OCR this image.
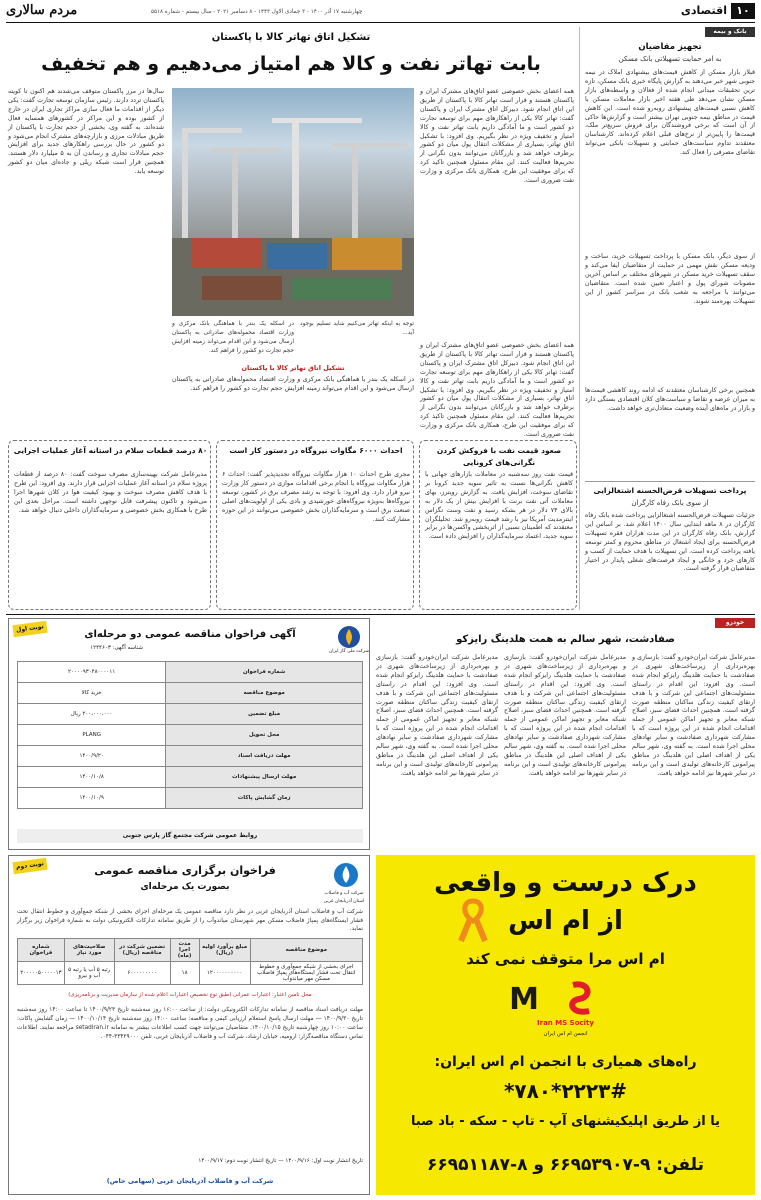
۱۰
اقتصادی
چهارشنبه ۱۷ آذر ۱۴۰۰ - ۳ جمادی الاول ۱۴۴۳ - ۸ دسامبر ۲۰۲۱ - سال بیستم - شماره ۵۵۱۸
مردم سالاری
بانک و بیمه
تجهیز مقاضیان
به امر حمایت تسهیلاتی بانک مسکن
قبلاز بازار مسکن از کاهش قیمت‌های بیشنهادی املاک در نیمه جنوبی شهر خبر می‌دهند به گزارش پایگاه خبری بانک مسکن، تازه ترین تحقیقات میدانی انجام شده از فعالان و واسطه‌های بازار مسکن نشان می‌دهد طی هفته اخیر بازار معاملات مسکن با کاهش نسبی قیمت‌های پیشنهادی روبه‌رو شده است. این کاهش قیمت در مناطق نیمه جنوبی تهران بیشتر است و گزارش‌ها حاکی از آن است که برخی فروشندگان برای فروش سریع‌تر ملک، قیمت‌ها را پایین‌تر از نرخ‌های قبلی اعلام کرده‌اند. کارشناسان معتقدند تداوم سیاست‌های حمایتی و تسهیلات بانکی می‌تواند تقاضای مصرفی را فعال کند.
از سوی دیگر، بانک مسکن با پرداخت تسهیلات خرید، ساخت و ودیعه مسکن نقش مهمی در حمایت از متقاضیان ایفا می‌کند و سقف تسهیلات خرید مسکن در شهرهای مختلف بر اساس آخرین مصوبات شورای پول و اعتبار تعیین شده است. متقاضیان می‌توانند با مراجعه به شعب بانک در سراسر کشور از این تسهیلات بهره‌مند شوند.
همچنین برخی کارشناسان معتقدند که ادامه روند کاهشی قیمت‌ها به میزان عرضه و تقاضا و سیاست‌های کلان اقتصادی بستگی دارد و بازار در ماه‌های آینده وضعیت متعادل‌تری خواهد داشت.
پرداخت تسهیلات قرض‌الحسنه اشتغالزایی
از سوی بانک رفاه کارگران
جزئیات تسهیلات قرض‌الحسنه اشتغالزایی پرداخت شده بانک رفاه کارگران در ۸ ماهه ابتدایی سال ۱۴۰۰ اعلام شد. بر اساس این گزارش، بانک رفاه کارگران در این مدت هزاران فقره تسهیلات قرض‌الحسنه برای ایجاد اشتغال در مناطق محروم و کمتر توسعه یافته پرداخت کرده است. این تسهیلات با هدف حمایت از کسب و کارهای خرد و خانگی و ایجاد فرصت‌های شغلی پایدار در اختیار متقاضیان قرار گرفته است.
تشکیل اتاق تهاتر کالا با پاکستان
بابت تهاتر نفت و کالا هم امتیاز می‌دهیم و هم تخفیف
همه اعضای بخش خصوصی عضو اتاق‌های مشترک ایران و پاکستان هستند و قرار است تهاتر کالا با پاکستان از طریق این اتاق انجام شود. دبیرکل اتاق مشترک ایران و پاکستان گفت: تهاتر کالا یکی از راهکارهای مهم برای توسعه تجارت دو کشور است و ما آمادگی داریم بابت تهاتر نفت و کالا امتیاز و تخفیف ویژه در نظر بگیریم. وی افزود: با تشکیل اتاق تهاتر، بسیاری از مشکلات انتقال پول میان دو کشور برطرف خواهد شد و بازرگانان می‌توانند بدون نگرانی از تحریم‌ها فعالیت کنند. این مقام مسئول همچنین تاکید کرد که برای موفقیت این طرح، همکاری بانک مرکزی و وزارت نفت ضروری است.
سال‌ها در مرز پاکستان متوقف می‌شدند هم اکنون تا کویته پاکستان تردد دارند. رئیس سازمان توسعه تجارت گفت: یکی دیگر از اقدامات ما فعال سازی مراکز تجاری ایران در خارج از کشور بوده و این مراکز در کشورهای همسایه فعال شده‌اند. به گفته وی، بخشی از حجم تجارت با پاکستان از طریق مبادلات مرزی و بازارچه‌های مشترک انجام می‌شود و دو کشور در حال بررسی راهکارهای جدید برای افزایش حجم مبادلات تجاری و رساندن آن به ۵ میلیارد دلار هستند. همچنین قرار است شبکه ریلی و جاده‌ای میان دو کشور توسعه یابد.
توجه به اینکه تهاتر می‌کنیم شاید تسلیم بوجود آید...
در اسکله یک بندر با هماهنگی بانک مرکزی و وزارت اقتصاد محموله‌های صادراتی به پاکستان ارسال می‌شود و این اقدام می‌تواند زمینه افزایش حجم تجارت دو کشور را فراهم کند.
تشکیل اتاق تهاتر کالا با پاکستان
همه اعضای بخش خصوصی عضو اتاق‌های مشترک ایران و پاکستان هستند و قرار است تهاتر کالا با پاکستان از طریق این اتاق انجام شود. دبیرکل اتاق مشترک ایران و پاکستان گفت: تهاتر کالا یکی از راهکارهای مهم برای توسعه تجارت دو کشور است و ما آمادگی داریم بابت تهاتر نفت و کالا امتیاز و تخفیف ویژه در نظر بگیریم. وی افزود: با تشکیل اتاق تهاتر، بسیاری از مشکلات انتقال پول میان دو کشور برطرف خواهد شد و بازرگانان می‌توانند بدون نگرانی از تحریم‌ها فعالیت کنند. این مقام مسئول همچنین تاکید کرد که برای موفقیت این طرح، همکاری بانک مرکزی و وزارت نفت ضروری است.
در اسکله یک بندر با هماهنگی بانک مرکزی و وزارت اقتصاد محموله‌های صادراتی به پاکستان ارسال می‌شود و این اقدام می‌تواند زمینه افزایش حجم تجارت دو کشور را فراهم کند.
صعود قیمت نفت با فروکش کردن نگرانی‌های کرونایی
قیمت نفت روز سه‌شنبه در معاملات بازارهای جهانی با کاهش نگرانی‌ها نسبت به تاثیر سویه جدید کرونا بر تقاضای سوخت، افزایش یافت. به گزارش رویترز، بهای معاملات آتی نفت برنت با افزایش بیش از یک دلار به بالای ۷۴ دلار در هر بشکه رسید و نفت وست تگزاس اینترمدیت آمریکا نیز با رشد قیمت روبه‌رو شد. تحلیلگران معتقدند که اطمینان نسبی از اثربخشی واکسن‌ها در برابر سویه جدید، اعتماد سرمایه‌گذاران را افزایش داده است.
احداث ۶۰۰۰ مگاوات نیروگاه در دستور کار است
مجری طرح احداث ۱۰ هزار مگاوات نیروگاه تجدیدپذیر گفت: احداث ۶ هزار مگاوات نیروگاه با انجام برخی اقدامات موازی در دستور کار وزارت نیرو قرار دارد. وی افزود: با توجه به رشد مصرف برق در کشور، توسعه نیروگاه‌ها به‌ویژه نیروگاه‌های خورشیدی و بادی یکی از اولویت‌های اصلی صنعت برق است و سرمایه‌گذاران بخش خصوصی می‌توانند در این حوزه مشارکت کنند.
۸۰ درصد قطعات سلام در استانه آغاز عملیات اجرایی
مدیرعامل شرکت بهینه‌سازی مصرف سوخت گفت: ۸۰ درصد از قطعات پروژه سلام در استانه آغاز عملیات اجرایی قرار دارند. وی افزود: این طرح با هدف کاهش مصرف سوخت و بهبود کیفیت هوا در کلان شهرها اجرا می‌شود و تاکنون پیشرفت قابل توجهی داشته است. مراحل بعدی این طرح با همکاری بخش خصوصی و سرمایه‌گذاران داخلی دنبال خواهد شد.
خودرو
صفادشت، شهر سالم به همت هلدینگ رایزکو
مدیرعامل شرکت ایران‌خودرو گفت: بازسازی و بهره‌برداری از زیرساخت‌های شهری در صفادشت با حمایت هلدینگ رایزکو انجام شده است. وی افزود: این اقدام در راستای مسئولیت‌های اجتماعی این شرکت و با هدف ارتقای کیفیت زندگی ساکنان منطقه صورت گرفته است. همچنین احداث فضای سبز، اصلاح شبکه معابر و تجهیز اماکن عمومی از جمله اقدامات انجام شده در این پروژه است که با مشارکت شهرداری صفادشت و سایر نهادهای محلی اجرا شده است. به گفته وی، شهر سالم یکی از اهداف اصلی این هلدینگ در مناطق پیرامونی کارخانه‌های تولیدی است و این برنامه در سایر شهرها نیز ادامه خواهد یافت.
مدیرعامل شرکت ایران‌خودرو گفت: بازسازی و بهره‌برداری از زیرساخت‌های شهری در صفادشت با حمایت هلدینگ رایزکو انجام شده است. وی افزود: این اقدام در راستای مسئولیت‌های اجتماعی این شرکت و با هدف ارتقای کیفیت زندگی ساکنان منطقه صورت گرفته است. همچنین احداث فضای سبز، اصلاح شبکه معابر و تجهیز اماکن عمومی از جمله اقدامات انجام شده در این پروژه است که با مشارکت شهرداری صفادشت و سایر نهادهای محلی اجرا شده است. به گفته وی، شهر سالم یکی از اهداف اصلی این هلدینگ در مناطق پیرامونی کارخانه‌های تولیدی است و این برنامه در سایر شهرها نیز ادامه خواهد یافت.
مدیرعامل شرکت ایران‌خودرو گفت: بازسازی و بهره‌برداری از زیرساخت‌های شهری در صفادشت با حمایت هلدینگ رایزکو انجام شده است. وی افزود: این اقدام در راستای مسئولیت‌های اجتماعی این شرکت و با هدف ارتقای کیفیت زندگی ساکنان منطقه صورت گرفته است. همچنین احداث فضای سبز، اصلاح شبکه معابر و تجهیز اماکن عمومی از جمله اقدامات انجام شده در این پروژه است که با مشارکت شهرداری صفادشت و سایر نهادهای محلی اجرا شده است. به گفته وی، شهر سالم یکی از اهداف اصلی این هلدینگ در مناطق پیرامونی کارخانه‌های تولیدی است و این برنامه در سایر شهرها نیز ادامه خواهد یافت.
نوبت اول
شرکت ملی گاز ایران
آگهی فراخوان مناقصه عمومی دو مرحله‌ای
شناسه آگهی: ۱۲۴۴۶۰۳
شماره فراخوان	۲۰۰۰۰۹۳۰۴۸۰۰۰۰۱۱
موضوع مناقصه	خرید کالا
مبلغ تضمین	۲۰۰،۰۰۰،۰۰۰ ریال
محل تحویل	PLANG
مهلت دریافت اسناد	۱۴۰۰/۹/۲۰
مهلت ارسال پیشنهادات	۱۴۰۰/۱۰/۸
زمان گشایش پاکات	۱۴۰۰/۱۰/۹
روابط عمومی شرکت مجتمع گاز پارس جنوبی
نوبت دوم
شرکت آب و فاضلاب استان آذربایجان غربی
فراخوان برگزاری مناقصه عمومی
بصورت یک مرحله‌ای
شرکت آب و فاضلاب استان آذربایجان غربی در نظر دارد مناقصه عمومی یک مرحله‌ای اجرای بخشی از شبکه جمع‌آوری و خطوط انتقال تحت فشار ایستگاه‌های پمپاژ فاضلاب مسکن مهر شهرستان میاندوآب را از طریق سامانه تدارکات الکترونیکی دولت به شماره فراخوان زیر برگزار نماید.
موضوع مناقصه	مبلغ برآورد اولیه (ریال)	مدت اجرا (ماه)	تضمین شرکت در مناقصه (ریال)	صلاحیت‌های مورد نیاز	شماره فراخوان
اجرای بخشی از شبکه جمع‌آوری و خطوط انتقال تحت فشار ایستگاه‌های پمپاژ فاضلاب مسکن مهر میاندوآب	۱۲۰۰۰۰۰۰۰۰۰۰	۱۸	۶۰۰۰۰۰۰۰۰۰	رتبه ۵ آب یا رتبه ۵ آب و نیرو	۲۰۰۰۰۰۵۰۰۰۰۰۱۳
محل تامین اعتبار: اعتبارات عمرانی (طبق نوع تخصیص اعتبارات اعلام شده از سازمان مدیریت و برنامه‌ریزی)
مهلت دریافت اسناد مناقصه از سامانه تدارکات الکترونیکی دولت: از ساعت ۱۶:۰۰ روز سه‌شنبه تاریخ ۱۴۰۰/۹/۲۳ تا ساعت ۱۴:۰۰ روز سه‌شنبه تاریخ ۱۴۰۰/۹/۳۰ — مهلت ارسال پاسخ استعلام ارزیابی کیفی و مناقصه: ساعت ۱۴:۰۰ روز سه‌شنبه تاریخ ۱۴۰۰/۱۰/۱۴ — زمان گشایش پاکات: ساعت ۱۰:۰۰ روز چهارشنبه تاریخ ۱۴۰۰/۱۰/۱۵. متقاضیان می‌توانند جهت کسب اطلاعات بیشتر به سامانه setadiran.ir مراجعه نمایند. اطلاعات تماس دستگاه مناقصه‌گزار: ارومیه، خیابان ارشاد، شرکت آب و فاضلاب آذربایجان غربی، تلفن ۳۳۴۲۹۰۰۰-۰۴۴.
تاریخ انتشار نوبت اول: ۱۴۰۰/۹/۱۶ — تاریخ انتشار نوبت دوم: ۱۴۰۰/۹/۱۷
شرکت آب و فاضلاب آذربایجان غربی (سهامی خاص)
درک درست و واقعی
از ام اس
ام اس مرا متوقف نمی کند
M
Iran MS Socity
انجمن ام اس ایران
راه‌های همیاری با انجمن ام اس ایران:
*۷۸۰*۲۲۲۳#
یا از طریق اپلیکیشنهای آپ - تاپ - سکه - باد صبا
تلفن: ۹-۶۶۹۵۳۹۰۷ و ۸-۶۶۹۵۱۱۸۷
